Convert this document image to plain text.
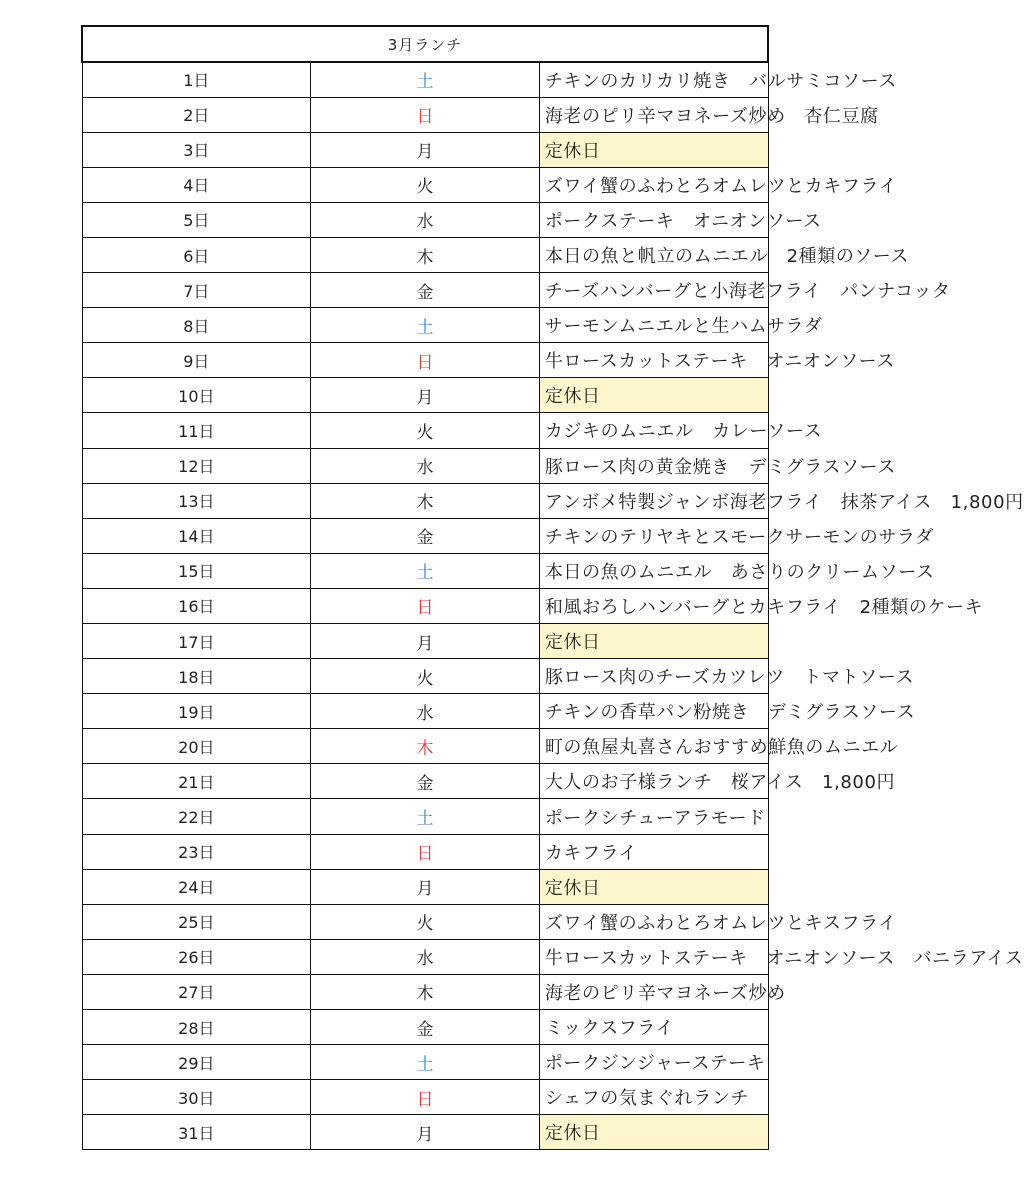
3月ランチ		
1日	土	チキンのカリカリ焼き　バルサミコソース
2日	日	海老のピリ辛マヨネーズ炒め　杏仁豆腐
3日	月	定休日
4日	火	ズワイ蟹のふわとろオムレツとカキフライ
5日	水	ポークステーキ　オニオンソース
6日	木	本日の魚と帆立のムニエル　2種類のソース
7日	金	チーズハンバーグと小海老フライ　パンナコッタ
8日	土	サーモンムニエルと生ハムサラダ
9日	日	牛ロースカットステーキ　オニオンソース
10日	月	定休日
11日	火	カジキのムニエル　カレーソース
12日	水	豚ロース肉の黄金焼き　デミグラスソース
13日	木	アンボメ特製ジャンボ海老フライ　抹茶アイス　1,800円
14日	金	チキンのテリヤキとスモークサーモンのサラダ
15日	土	本日の魚のムニエル　あさりのクリームソース
16日	日	和風おろしハンバーグとカキフライ　2種類のケーキ
17日	月	定休日
18日	火	豚ロース肉のチーズカツレツ　トマトソース
19日	水	チキンの香草パン粉焼き　デミグラスソース
20日	木	町の魚屋丸喜さんおすすめ鮮魚のムニエル
21日	金	大人のお子様ランチ　桜アイス　1,800円
22日	土	ポークシチューアラモード
23日	日	カキフライ
24日	月	定休日
25日	火	ズワイ蟹のふわとろオムレツとキスフライ
26日	水	牛ロースカットステーキ　オニオンソース　バニラアイス
27日	木	海老のピリ辛マヨネーズ炒め
28日	金	ミックスフライ
29日	土	ポークジンジャーステーキ
30日	日	シェフの気まぐれランチ
31日	月	定休日
